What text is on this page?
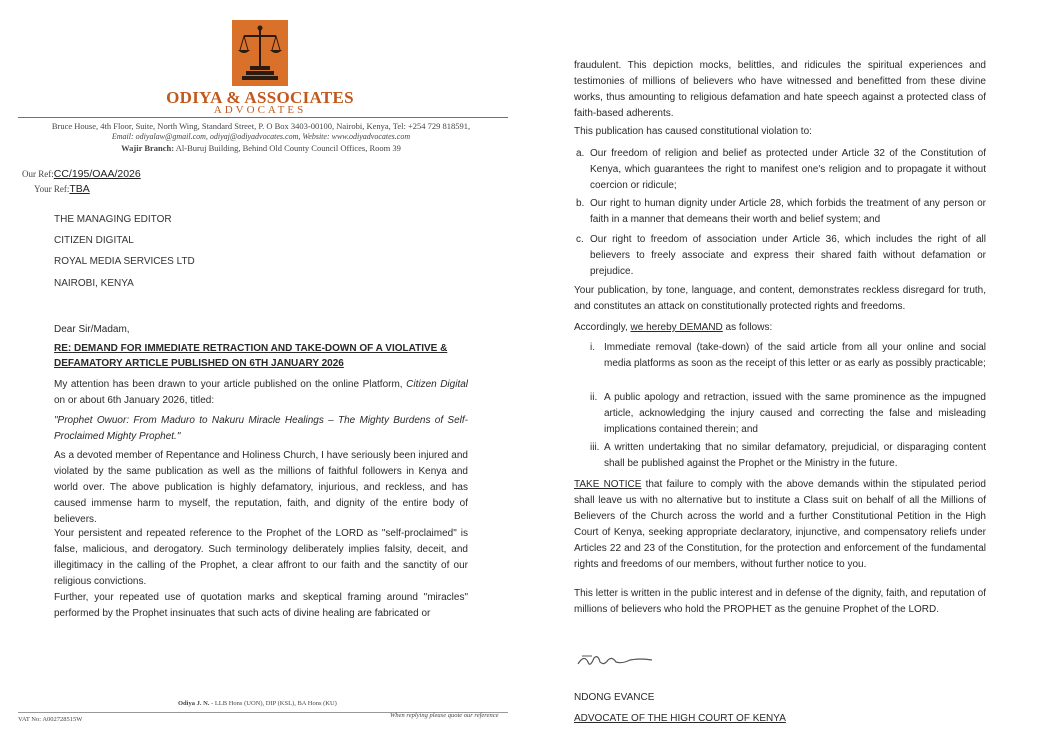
ODIYA & ASSOCIATES
ADVOCATES
Bruce House, 4th Floor, Suite, North Wing, Standard Street, P. O Box 3403-00100, Nairobi, Kenya, Tel: +254 729 818591,
Email: odiyalaw@gmail.com, odiyaj@odiyadvocates.com, Website: www.odiyadvocates.com
Wajir Branch: Al-Buruj Building, Behind Old County Council Offices, Room 39
Our Ref:CC/195/OAA/2026
Your Ref:TBA
THE MANAGING EDITOR
CITIZEN DIGITAL
ROYAL MEDIA SERVICES LTD
NAIROBI, KENYA
Dear Sir/Madam,
RE: DEMAND FOR IMMEDIATE RETRACTION AND TAKE-DOWN OF A VIOLATIVE & DEFAMATORY ARTICLE PUBLISHED ON 6TH JANUARY 2026
My attention has been drawn to your article published on the online Platform, Citizen Digital on or about 6th January 2026, titled:
"Prophet Owuor: From Maduro to Nakuru Miracle Healings – The Mighty Burdens of Self-Proclaimed Mighty Prophet."
As a devoted member of Repentance and Holiness Church, I have seriously been injured and violated by the same publication as well as the millions of faithful followers in Kenya and world over. The above publication is highly defamatory, injurious, and reckless, and has caused immense harm to myself, the reputation, faith, and dignity of the entire body of believers.
Your persistent and repeated reference to the Prophet of the LORD as "self-proclaimed" is false, malicious, and derogatory. Such terminology deliberately implies falsity, deceit, and illegitimacy in the calling of the Prophet, a clear affront to our faith and the sanctity of our religious convictions.
Further, your repeated use of quotation marks and skeptical framing around "miracles" performed by the Prophet insinuates that such acts of divine healing are fabricated or
Odiya J. N. - LLB Hons (UON), DIP (KSL), BA Hons (KU)
VAT No: A002728515W
When replying please quote our reference
fraudulent. This depiction mocks, belittles, and ridicules the spiritual experiences and testimonies of millions of believers who have witnessed and benefitted from these divine works, thus amounting to religious defamation and hate speech against a protected class of faith-based adherents.
This publication has caused constitutional violation to:
a. Our freedom of religion and belief as protected under Article 32 of the Constitution of Kenya, which guarantees the right to manifest one's religion and to propagate it without coercion or ridicule;
b. Our right to human dignity under Article 28, which forbids the treatment of any person or faith in a manner that demeans their worth and belief system; and
c. Our right to freedom of association under Article 36, which includes the right of all believers to freely associate and express their shared faith without defamation or prejudice.
Your publication, by tone, language, and content, demonstrates reckless disregard for truth, and constitutes an attack on constitutionally protected rights and freedoms.
Accordingly, we hereby DEMAND as follows:
i. Immediate removal (take-down) of the said article from all your online and social media platforms as soon as the receipt of this letter or as early as possibly practicable;
ii. A public apology and retraction, issued with the same prominence as the impugned article, acknowledging the injury caused and correcting the false and misleading implications contained therein; and
iii. A written undertaking that no similar defamatory, prejudicial, or disparaging content shall be published against the Prophet or the Ministry in the future.
TAKE NOTICE that failure to comply with the above demands within the stipulated period shall leave us with no alternative but to institute a Class suit on behalf of all the Millions of Believers of the Church across the world and a further Constitutional Petition in the High Court of Kenya, seeking appropriate declaratory, injunctive, and compensatory reliefs under Articles 22 and 23 of the Constitution, for the protection and enforcement of the fundamental rights and freedoms of our members, without further notice to you.
This letter is written in the public interest and in defense of the dignity, faith, and reputation of millions of believers who hold the PROPHET as the genuine Prophet of the LORD.
NDONG EVANCE
ADVOCATE OF THE HIGH COURT OF KENYA
